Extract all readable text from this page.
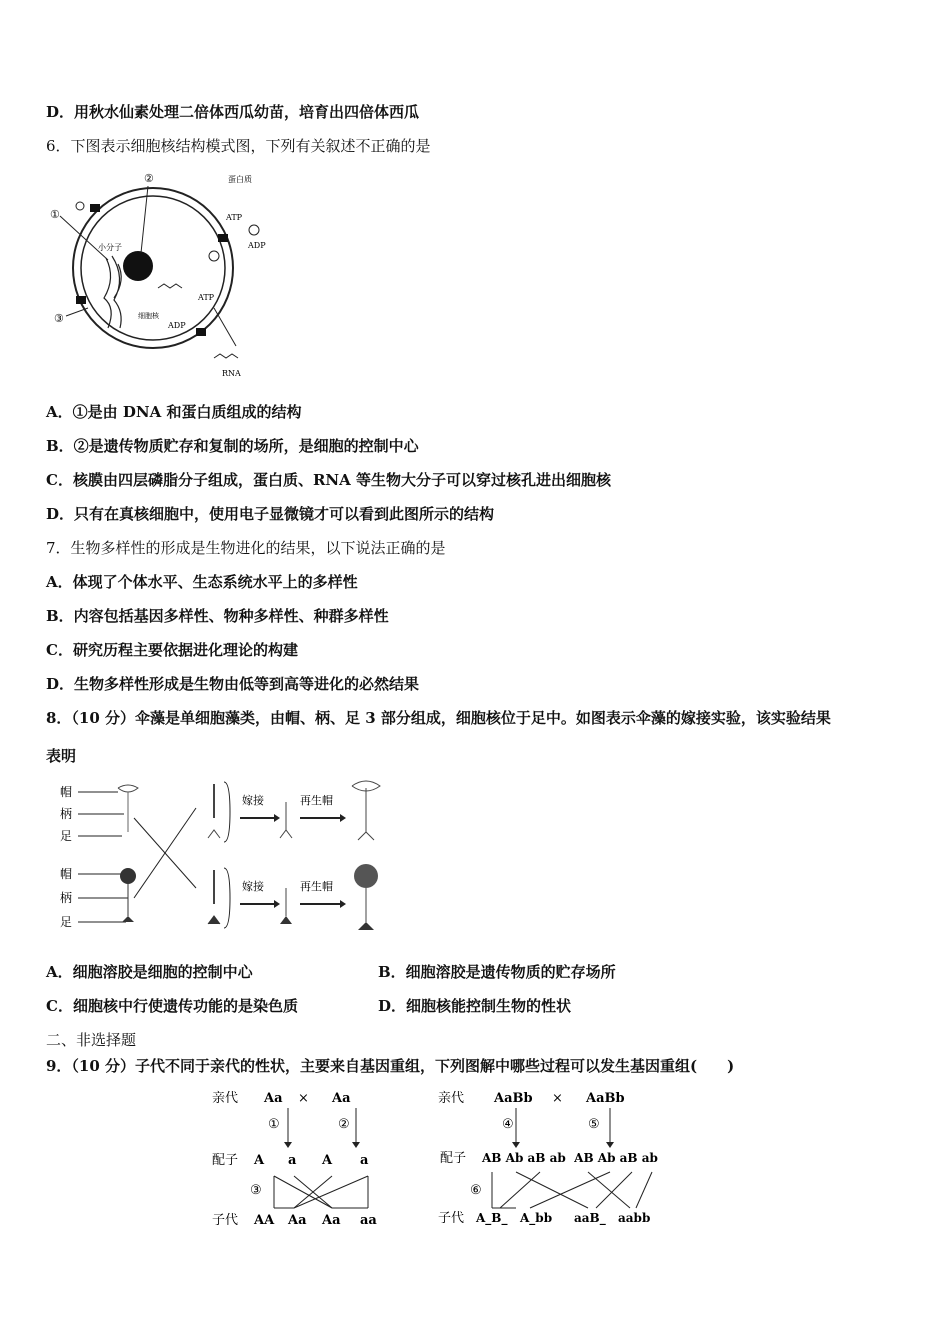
D．用秋水仙素处理二倍体西瓜幼苗，培育出四倍体西瓜
6．下图表示细胞核结构模式图，下列有关叙述不正确的是
②
①
③
小分子
细胞核
蛋白质
ATP
ADP
ATP
ADP
RNA
A．①是由 DNA 和蛋白质组成的结构
B．②是遗传物质贮存和复制的场所，是细胞的控制中心
C．核膜由四层磷脂分子组成，蛋白质、RNA 等生物大分子可以穿过核孔进出细胞核
D．只有在真核细胞中，使用电子显微镜才可以看到此图所示的结构
7．生物多样性的形成是生物进化的结果，以下说法正确的是
A．体现了个体水平、生态系统水平上的多样性
B．内容包括基因多样性、物种多样性、种群多样性
C．研究历程主要依据进化理论的构建
D．生物多样性形成是生物由低等到高等进化的必然结果
8．（10 分）伞藻是单细胞藻类，由帽、柄、足 3 部分组成，细胞核位于足中。如图表示伞藻的嫁接实验，该实验结果
表明
帽
柄
足
帽
柄
足
嫁接
嫁接
再生帽
再生帽
A．细胞溶胶是细胞的控制中心	B．细胞溶胶是遗传物质的贮存场所
C．细胞核中行使遗传功能的是染色质	D．细胞核能控制生物的性状
二、非选择题
9．（10 分）子代不同于亲代的性状，主要来自基因重组，下列图解中哪些过程可以发生基因重组(　　)
亲代 Aa × Aa
①	②
配子 A a A a
③
子代 AA Aa Aa aa
亲代 AaBb × AaBb
④	⑤
配子 AB Ab aB ab  AB Ab aB ab
⑥
子代 A_B_ A_bb aaB_ aabb
